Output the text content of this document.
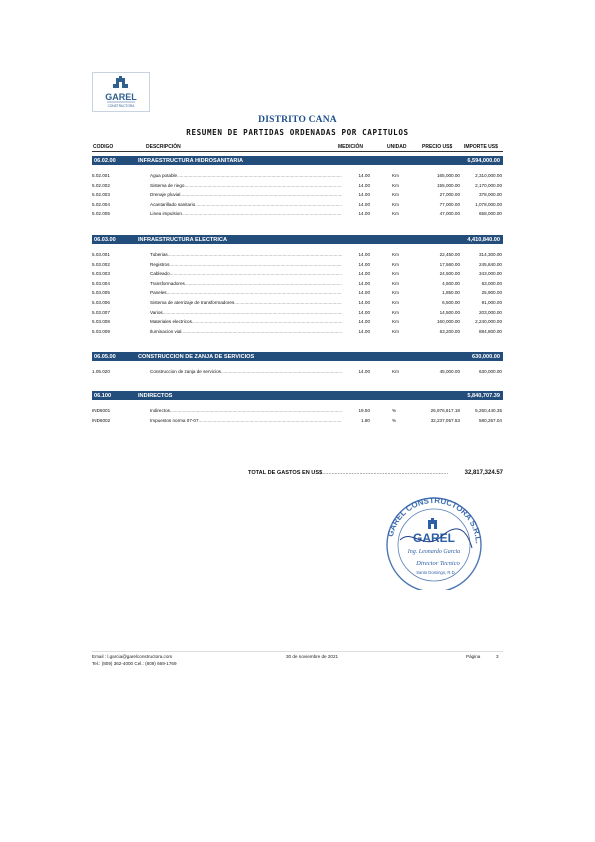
GAREL
CONSTRUCTORA
DISTRITO CANA
RESUMEN DE PARTIDAS ORDENADAS POR CAPITULOS
CODIGO	DESCRIPCIÓN	MEDICIÓN	UNIDAD	PRECIO US$ IMPORTE US$
06.02.00	INFRAESTRUCTURA HIDROSANITARIA	6,594,000.00
5.02.001	Agua potable .....	14.00	Km	165,000.00	2,310,000.00
5.02.002	Sistema de riego .....	14.00	Km	155,000.00	2,170,000.00
5.02.003	Drenaje pluvial .....	14.00	Km	27,000.00	378,000.00
5.02.004	Acantarillado sanitario .....	14.00	Km	77,000.00	1,078,000.00
5.02.005	Linea impulsion .....	14.00	Km	47,000.00	658,000.00
06.03.00	INFRAESTRUCTURA ELECTRICA	4,410,840.00
5.03.001	Tuberias .....	14.00	Km	22,450.00	314,300.00
5.03.002	Registros .....	14.00	Km	17,560.00	245,840.00
5.03.003	Cableado .....	14.00	Km	24,500.00	343,000.00
5.03.004	Transformadores .....	14.00	Km	4,500.00	63,000.00
5.03.005	Paneles .....	14.00	Km	1,850.00	25,900.00
5.03.006	Sistema de aterrizaje de transformadores .....	14.00	Km	6,500.00	91,000.00
5.03.007	Varios .....	14.00	Km	14,500.00	203,000.00
5.03.008	Materiales electricos .....	14.00	Km	160,000.00	2,240,000.00
5.03.009	Iluminacion vial .....	14.00	Km	63,200.00	884,800.00
06.05.00	CONSTRUCCION DE ZANJA DE SERVICIOS	630,000.00
1.05.020	Construccion de zanja de servicios .....	14.00	Km	45,000.00	630,000.00
06.100	INDIRECTOS	5,840,707.39
IND6001	Indirectos .....	19.50	%	26,976,617.18	5,260,440.35
IND6002	Impuestos norma 07-07 .....	1.80	%	32,237,057.53	580,267.04
TOTAL DE GASTOS EN US$ .....	32,817,324.57
GAREL CONSTRUCTORA S.R.L.
GAREL
Ing. Leonardo Garcia
Director Tecnico
Santo Domingo, R.D.
Email : l.garcia@garelconstructora.com
Tel.: (809) 362-4000 Cel.: (809) 669-1769
30 de noviembre de 2021	Página	3
